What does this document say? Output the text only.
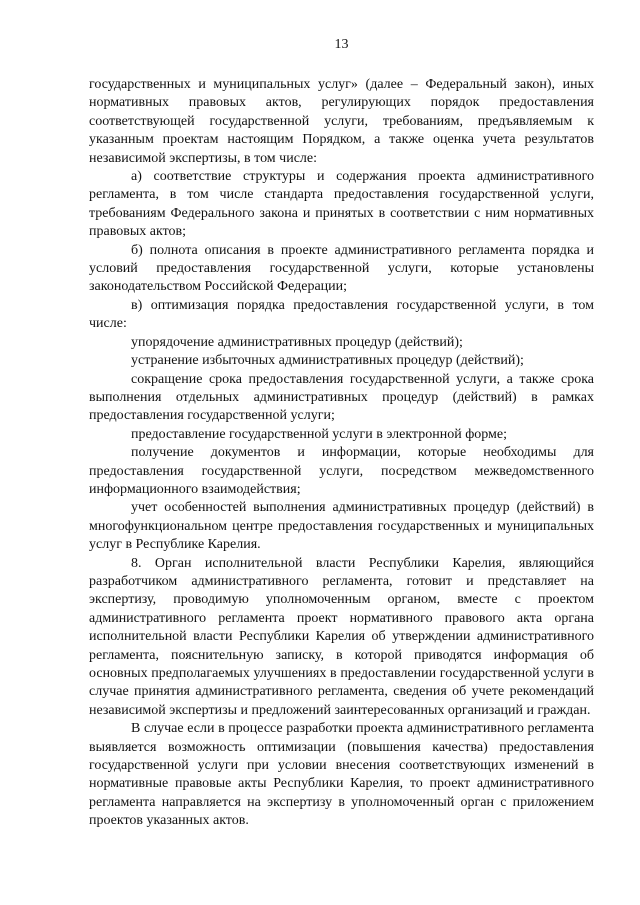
13

государственных и муниципальных услуг» (далее – Федеральный закон), иных нормативных правовых актов, регулирующих порядок предоставления соответствующей государственной услуги, требованиям, предъявляемым к указанным проектам настоящим Порядком, а также оценка учета результатов независимой экспертизы, в том числе:

а) соответствие структуры и содержания проекта административного регламента, в том числе стандарта предоставления государственной услуги, требованиям Федерального закона и принятых в соответствии с ним нормативных правовых актов;

б) полнота описания в проекте административного регламента порядка и условий предоставления государственной услуги, которые установлены законодательством Российской Федерации;

в) оптимизация порядка предоставления государственной услуги, в том числе:

упорядочение административных процедур (действий);

устранение избыточных административных процедур (действий);

сокращение срока предоставления государственной услуги, а также срока выполнения отдельных административных процедур (действий) в рамках предоставления государственной услуги;

предоставление государственной услуги в электронной форме;

получение документов и информации, которые необходимы для предоставления государственной услуги, посредством межведомственного информационного взаимодействия;

учет особенностей выполнения административных процедур (действий) в многофункциональном центре предоставления государственных и муниципальных услуг в Республике Карелия.

8. Орган исполнительной власти Республики Карелия, являющийся разработчиком административного регламента, готовит и представляет на экспертизу, проводимую уполномоченным органом, вместе с проектом административного регламента проект нормативного правового акта органа исполнительной власти Республики Карелия об утверждении административного регламента, пояснительную записку, в которой приводятся информация об основных предполагаемых улучшениях в предоставлении государственной услуги в случае принятия административного регламента, сведения об учете рекомендаций независимой экспертизы и предложений заинтересованных организаций и граждан.

В случае если в процессе разработки проекта административного регламента выявляется возможность оптимизации (повышения качества) предоставления государственной услуги при условии внесения соответствующих изменений в нормативные правовые акты Республики Карелия, то проект административного регламента направляется на экспертизу в уполномоченный орган с приложением проектов указанных актов.
